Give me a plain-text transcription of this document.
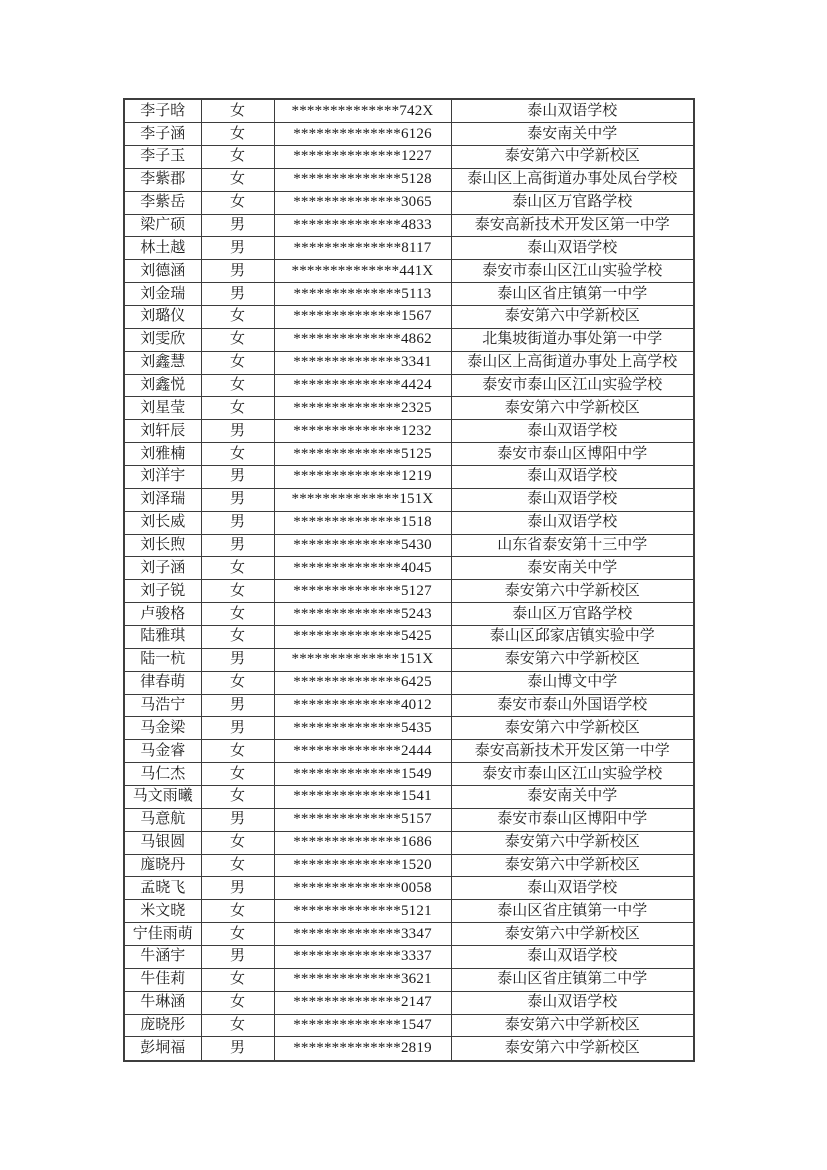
李子晗	女	**************742X	泰山双语学校
李子涵	女	**************6126	泰安南关中学
李子玉	女	**************1227	泰安第六中学新校区
李紫郡	女	**************5128	泰山区上高街道办事处凤台学校
李紫岳	女	**************3065	泰山区万官路学校
梁广硕	男	**************4833	泰安高新技术开发区第一中学
林土越	男	**************8117	泰山双语学校
刘德涵	男	**************441X	泰安市泰山区江山实验学校
刘金瑞	男	**************5113	泰山区省庄镇第一中学
刘璐仪	女	**************1567	泰安第六中学新校区
刘雯欣	女	**************4862	北集坡街道办事处第一中学
刘鑫慧	女	**************3341	泰山区上高街道办事处上高学校
刘鑫悦	女	**************4424	泰安市泰山区江山实验学校
刘星莹	女	**************2325	泰安第六中学新校区
刘轩辰	男	**************1232	泰山双语学校
刘雅楠	女	**************5125	泰安市泰山区博阳中学
刘洋宇	男	**************1219	泰山双语学校
刘泽瑞	男	**************151X	泰山双语学校
刘长威	男	**************1518	泰山双语学校
刘长煦	男	**************5430	山东省泰安第十三中学
刘子涵	女	**************4045	泰安南关中学
刘子锐	女	**************5127	泰安第六中学新校区
卢骏格	女	**************5243	泰山区万官路学校
陆雅琪	女	**************5425	泰山区邱家店镇实验中学
陆一杭	男	**************151X	泰安第六中学新校区
律春萌	女	**************6425	泰山博文中学
马浩宁	男	**************4012	泰安市泰山外国语学校
马金梁	男	**************5435	泰安第六中学新校区
马金睿	女	**************2444	泰安高新技术开发区第一中学
马仁杰	女	**************1549	泰安市泰山区江山实验学校
马文雨曦	女	**************1541	泰安南关中学
马意航	男	**************5157	泰安市泰山区博阳中学
马银圆	女	**************1686	泰安第六中学新校区
庬晓丹	女	**************1520	泰安第六中学新校区
孟晓飞	男	**************0058	泰山双语学校
米文晓	女	**************5121	泰山区省庄镇第一中学
宁佳雨萌	女	**************3347	泰安第六中学新校区
牛涵宇	男	**************3337	泰山双语学校
牛佳莉	女	**************3621	泰山区省庄镇第二中学
牛琳涵	女	**************2147	泰山双语学校
庞晓彤	女	**************1547	泰安第六中学新校区
彭垌福	男	**************2819	泰安第六中学新校区
